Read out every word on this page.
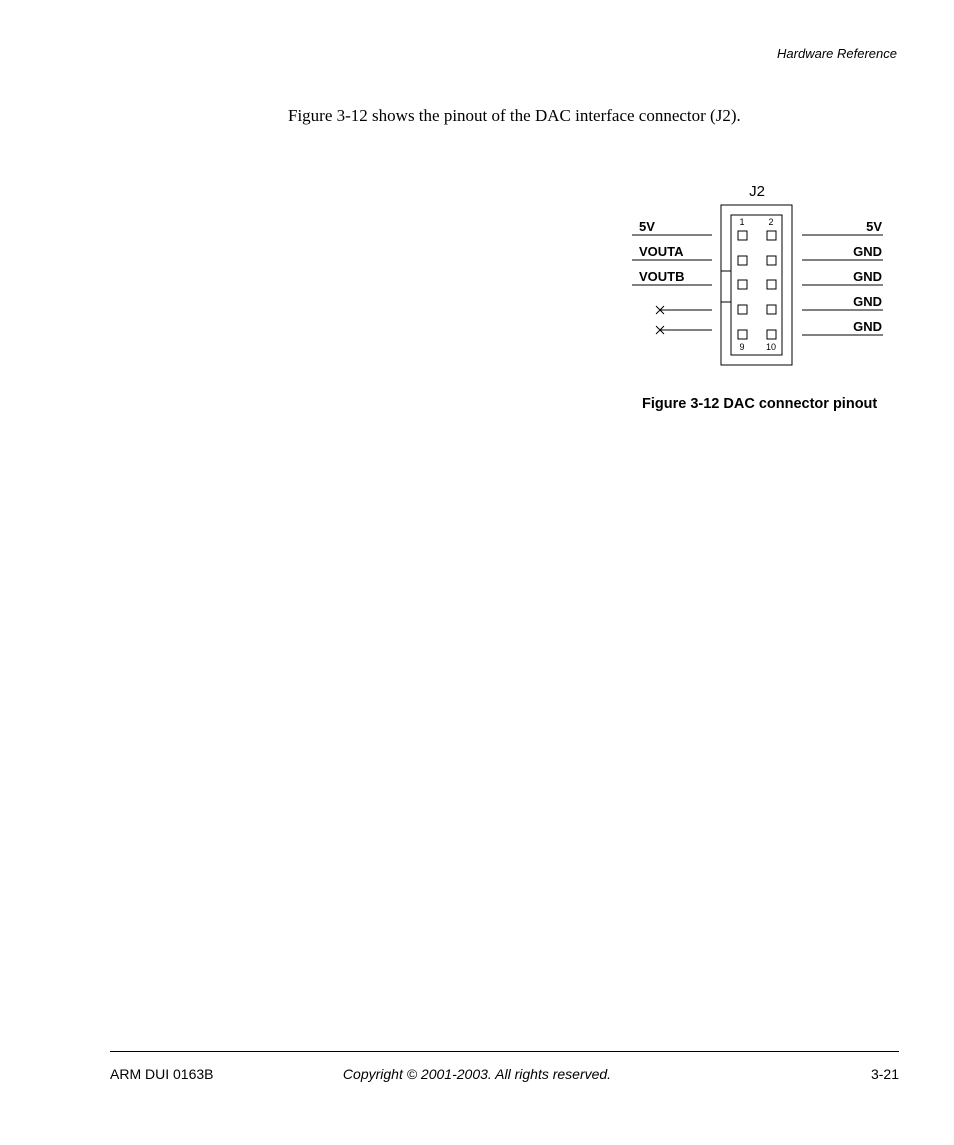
Hardware Reference
Figure 3-12 shows the pinout of the DAC interface connector (J2).
J2
1	2
9 10
5V
VOUTA
VOUTB
5V
GND
GND
GND
GND
Figure 3-12 DAC connector pinout
ARM DUI 0163B	Copyright © 2001-2003. All rights reserved.	3-21
